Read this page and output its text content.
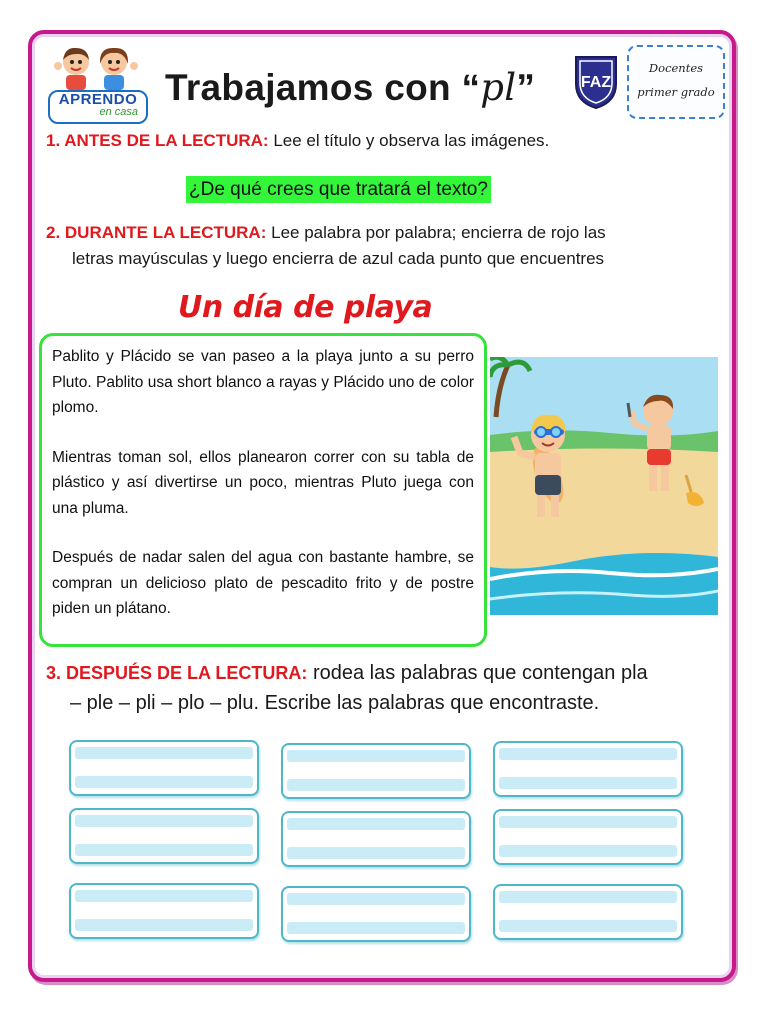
APRENDO
en casa
Trabajamos con “pl”	FAZ
Docentes
primer grado
1. ANTES DE LA LECTURA: Lee el título y observa las imágenes.
¿De qué crees que tratará el texto?
2. DURANTE LA LECTURA: Lee palabra por palabra; encierra de rojo las
letras mayúsculas y luego encierra de azul cada punto que encuentres
Un día de playa

Pablito y Plácido se van paseo a la playa junto a su perro Pluto. Pablito usa short blanco a rayas y Plácido uno de color plomo.

Mientras toman sol, ellos planearon correr con su tabla de plástico y así divertirse un poco, mientras Pluto juega con una pluma.

Después de nadar salen del agua con bastante hambre, se compran un delicioso plato de pescadito frito y de postre piden un plátano.

3. DESPUÉS DE LA LECTURA: rodea las palabras que contengan pla
– ple – pli – plo – plu. Escribe las palabras que encontraste.
